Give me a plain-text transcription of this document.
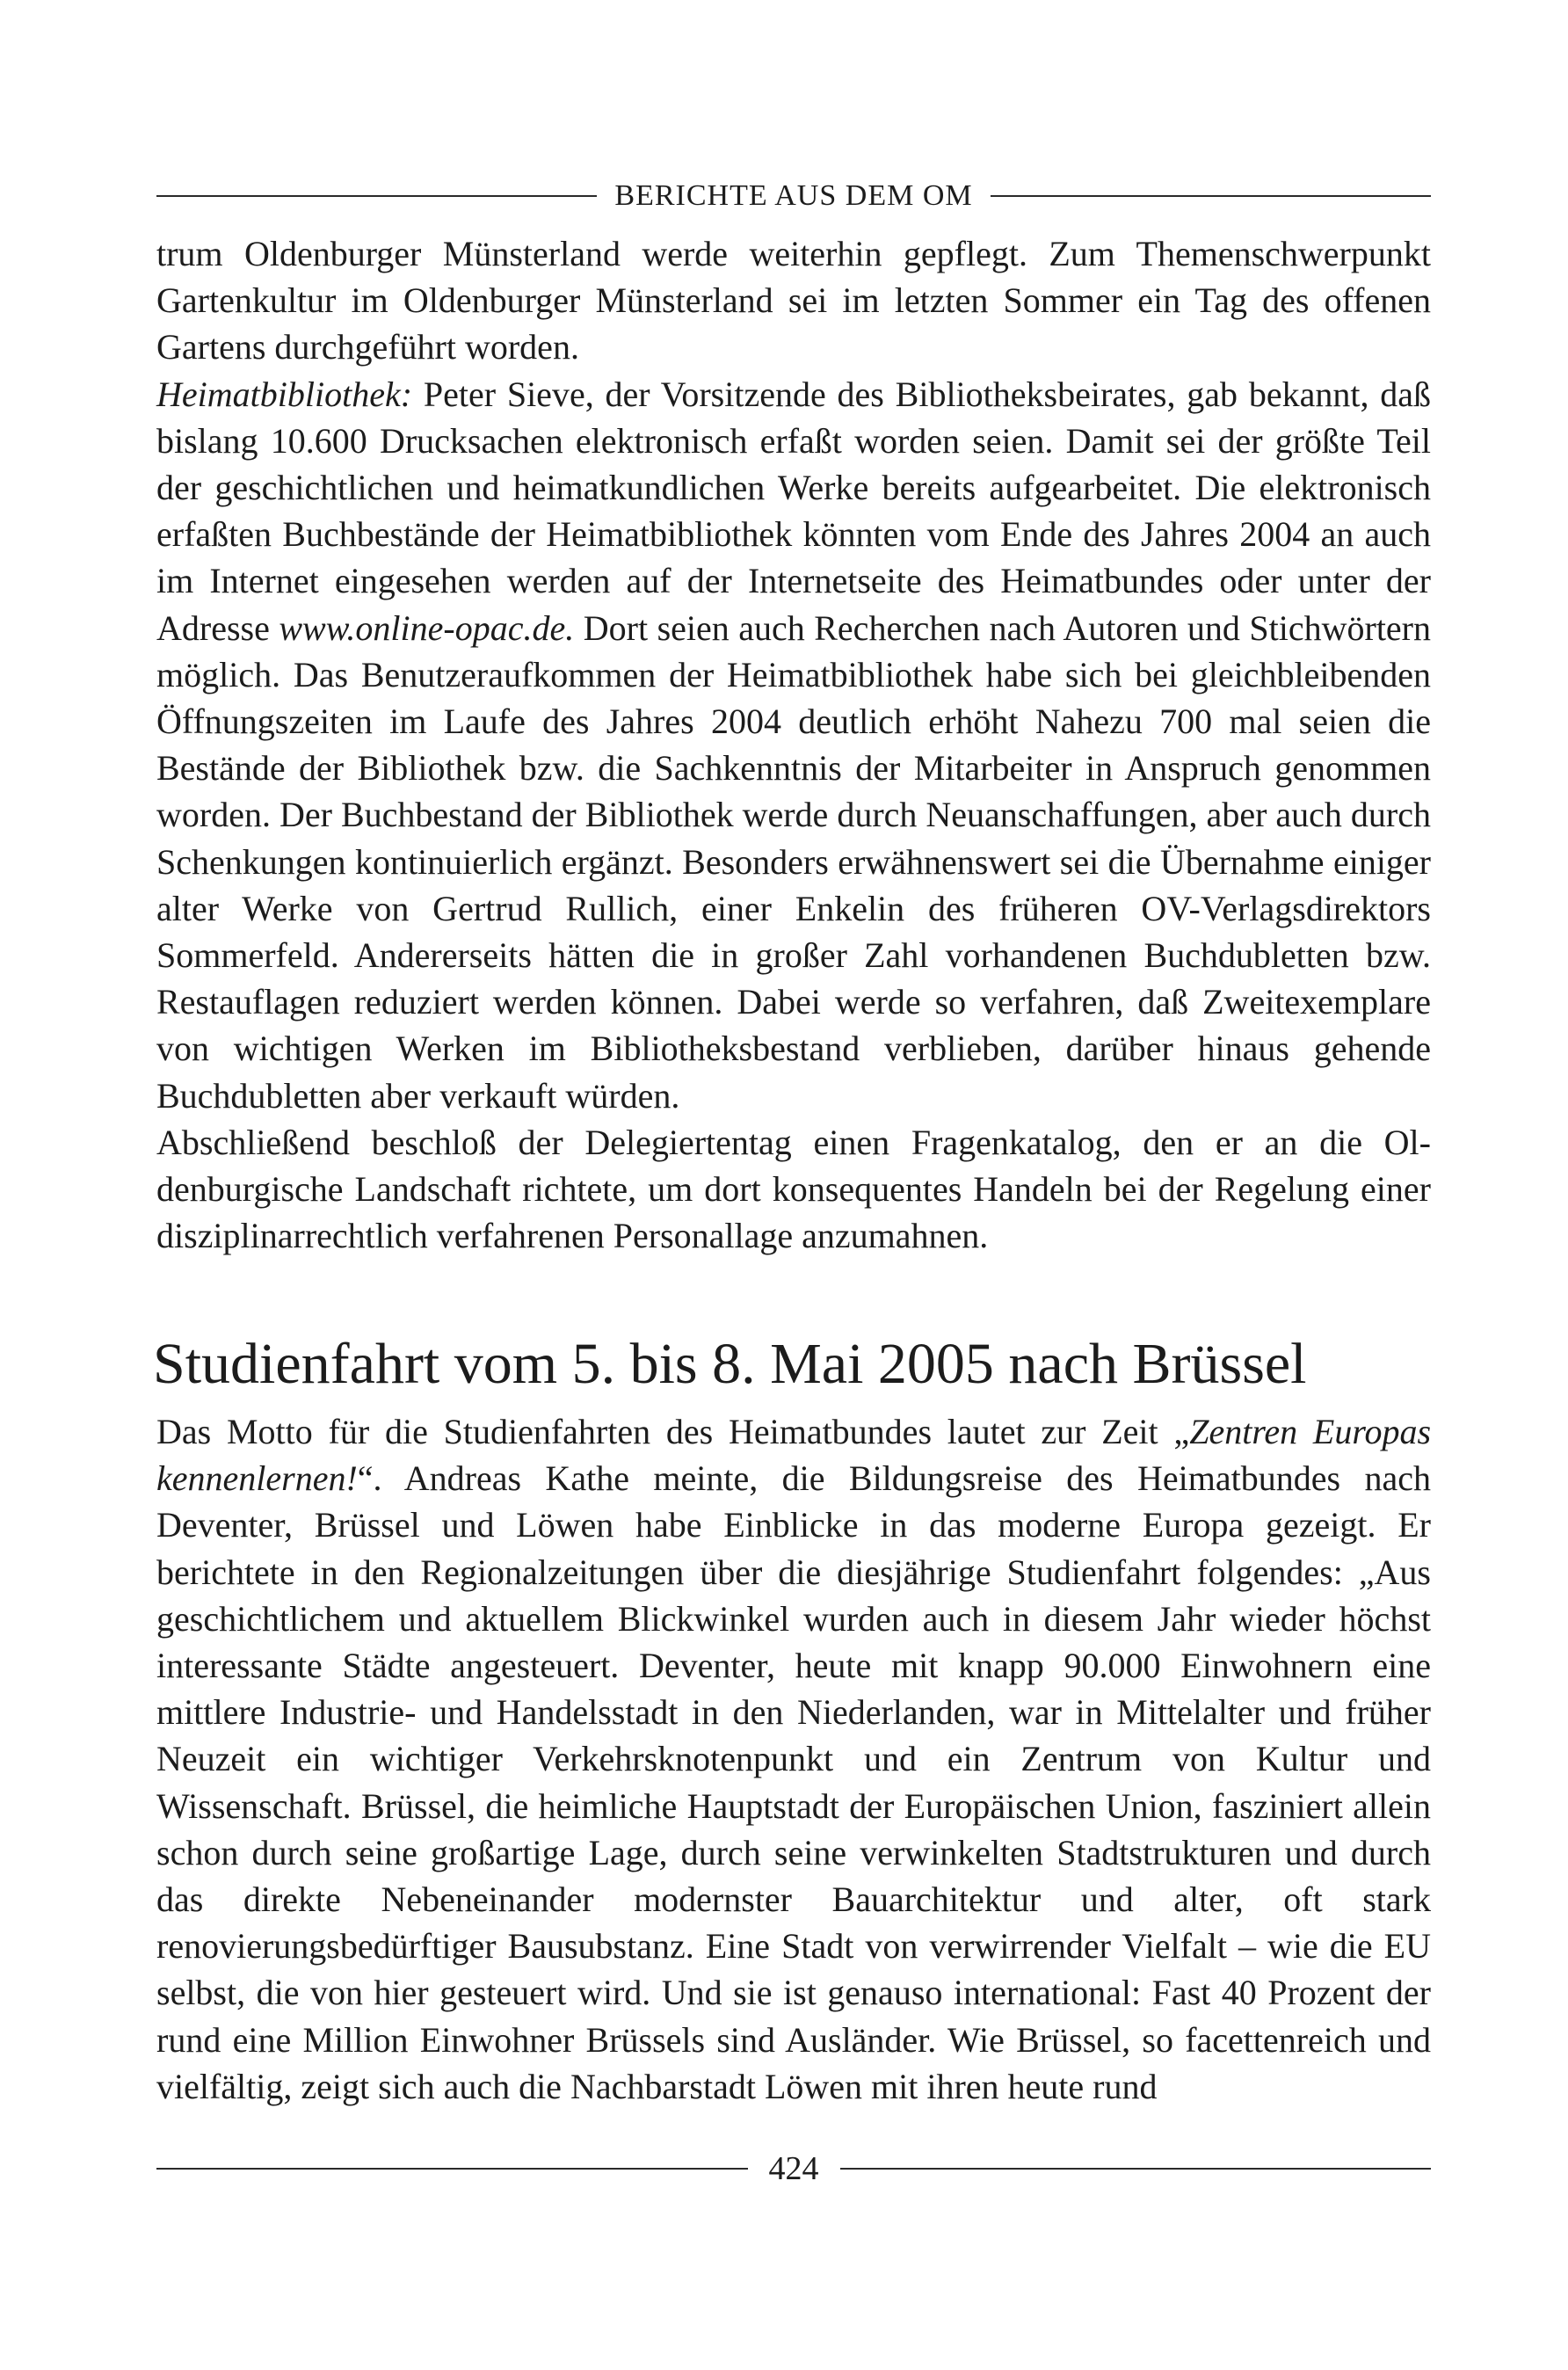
BERICHTE AUS DEM OM

trum Oldenburger Münsterland werde weiterhin gepflegt. Zum Themenschwerpunkt Gartenkultur im Oldenburger Münsterland sei im letzten Sommer ein Tag des offenen Gartens durchgeführt worden.

Heimatbibliothek: Peter Sieve, der Vorsitzende des Bibliotheksbeirates, gab bekannt, daß bislang 10.600 Drucksachen elektronisch erfaßt worden seien. Damit sei der größte Teil der geschichtlichen und heimatkundlichen Werke bereits aufgearbeitet. Die elektronisch erfaßten Buchbestände der Heimatbibliothek könnten vom Ende des Jahres 2004 an auch im Internet eingesehen werden auf der Internetseite des Heimatbundes oder unter der Adresse www.online-opac.de. Dort seien auch Recherchen nach Autoren und Stichwörtern möglich. Das Benutzeraufkommen der Heimatbibliothek habe sich bei gleichbleibenden Öffnungszeiten im Laufe des Jahres 2004 deutlich erhöht Nahezu 700 mal seien die Bestände der Bibliothek bzw. die Sachkenntnis der Mitarbeiter in Anspruch genommen worden. Der Buchbestand der Bibliothek werde durch Neuanschaffungen, aber auch durch Schenkungen kontinuierlich ergänzt. Besonders erwähnenswert sei die Übernahme einiger alter Werke von Gertrud Rullich, einer Enkelin des früheren OV-Verlagsdirektors Sommerfeld. Andererseits hätten die in großer Zahl vorhandenen Buchdubletten bzw. Restauflagen reduziert werden können. Dabei werde so verfahren, daß Zweitexemplare von wichtigen Werken im Bibliotheksbestand verblieben, darüber hinaus gehende Buchdubletten aber verkauft würden.

Abschließend beschloß der Delegiertentag einen Fragenkatalog, den er an die Oldenburgische Landschaft richtete, um dort konsequentes Handeln bei der Regelung einer disziplinarrechtlich verfahrenen Personallage anzumahnen.

Studienfahrt vom 5. bis 8. Mai 2005 nach Brüssel

Das Motto für die Studienfahrten des Heimatbundes lautet zur Zeit „Zentren Europas kennenlernen!“. Andreas Kathe meinte, die Bildungsreise des Heimatbundes nach Deventer, Brüssel und Löwen habe Einblicke in das moderne Europa gezeigt. Er berichtete in den Regionalzeitungen über die diesjährige Studienfahrt folgendes: „Aus geschichtlichem und aktuellem Blickwinkel wurden auch in diesem Jahr wieder höchst interessante Städte angesteuert. Deventer, heute mit knapp 90.000 Einwohnern eine mittlere Industrie- und Handelsstadt in den Niederlanden, war in Mittelalter und früher Neuzeit ein wichtiger Verkehrsknotenpunkt und ein Zentrum von Kultur und Wissenschaft. Brüssel, die heimliche Hauptstadt der Europäischen Union, fasziniert allein schon durch seine großartige Lage, durch seine verwinkelten Stadtstrukturen und durch das direkte Nebeneinander modernster Bauarchitektur und alter, oft stark renovierungsbedürftiger Bausubstanz. Eine Stadt von verwirrender Vielfalt – wie die EU selbst, die von hier gesteuert wird. Und sie ist genauso international: Fast 40 Prozent der rund eine Million Einwohner Brüssels sind Ausländer. Wie Brüssel, so facettenreich und vielfältig, zeigt sich auch die Nachbarstadt Löwen mit ihren heute rund

424
